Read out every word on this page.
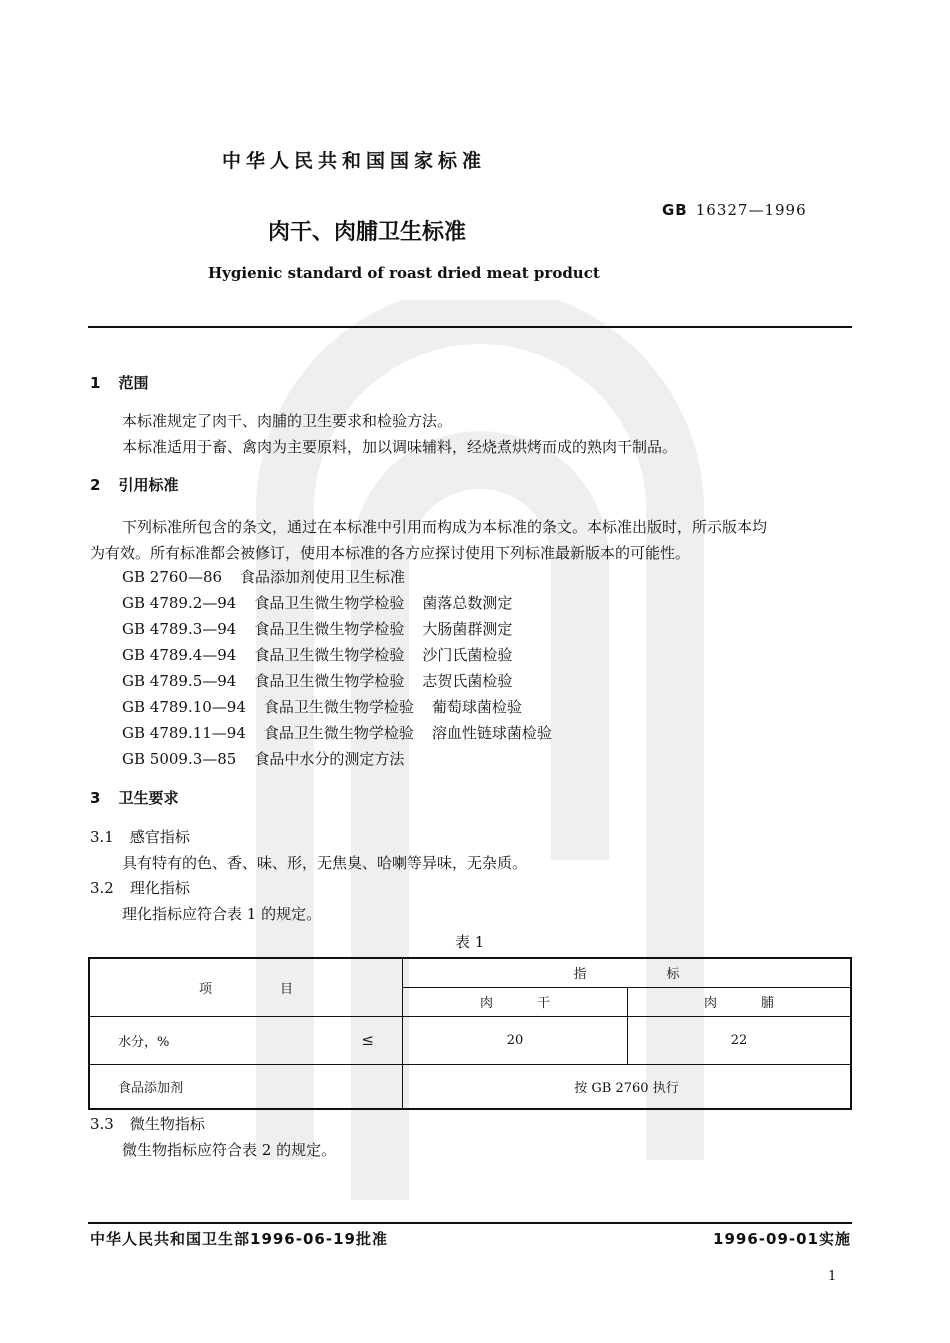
中华人民共和国国家标准
GB 16327—1996
肉干、肉脯卫生标准
Hygienic standard of roast dried meat product
1 范围
本标准规定了肉干、肉脯的卫生要求和检验方法。
本标准适用于畜、禽肉为主要原料，加以调味辅料，经烧煮烘烤而成的熟肉干制品。
2 引用标准
下列标准所包含的条文，通过在本标准中引用而构成为本标准的条文。本标准出版时，所示版本均
为有效。所有标准都会被修订，使用本标准的各方应探讨使用下列标准最新版本的可能性。
GB 2760—86 食品添加剂使用卫生标准
GB 4789.2—94 食品卫生微生物学检验 菌落总数测定
GB 4789.3—94 食品卫生微生物学检验 大肠菌群测定
GB 4789.4—94 食品卫生微生物学检验 沙门氏菌检验
GB 4789.5—94 食品卫生微生物学检验 志贺氏菌检验
GB 4789.10—94 食品卫生微生物学检验 葡萄球菌检验
GB 4789.11—94 食品卫生微生物学检验 溶血性链球菌检验
GB 5009.3—85 食品中水分的测定方法
3 卫生要求
3.1 感官指标
具有特有的色、香、味、形，无焦臭、哈喇等异味，无杂质。
3.2 理化指标
理化指标应符合表 1 的规定。
表 1
项 目	指 标	
	肉 干	肉 脯
水分，% ≤	20	22
食品添加剂	按 GB 2760 执行	
3.3 微生物指标
微生物指标应符合表 2 的规定。
中华人民共和国卫生部1996-06-19批准	1996-09-01实施
1
